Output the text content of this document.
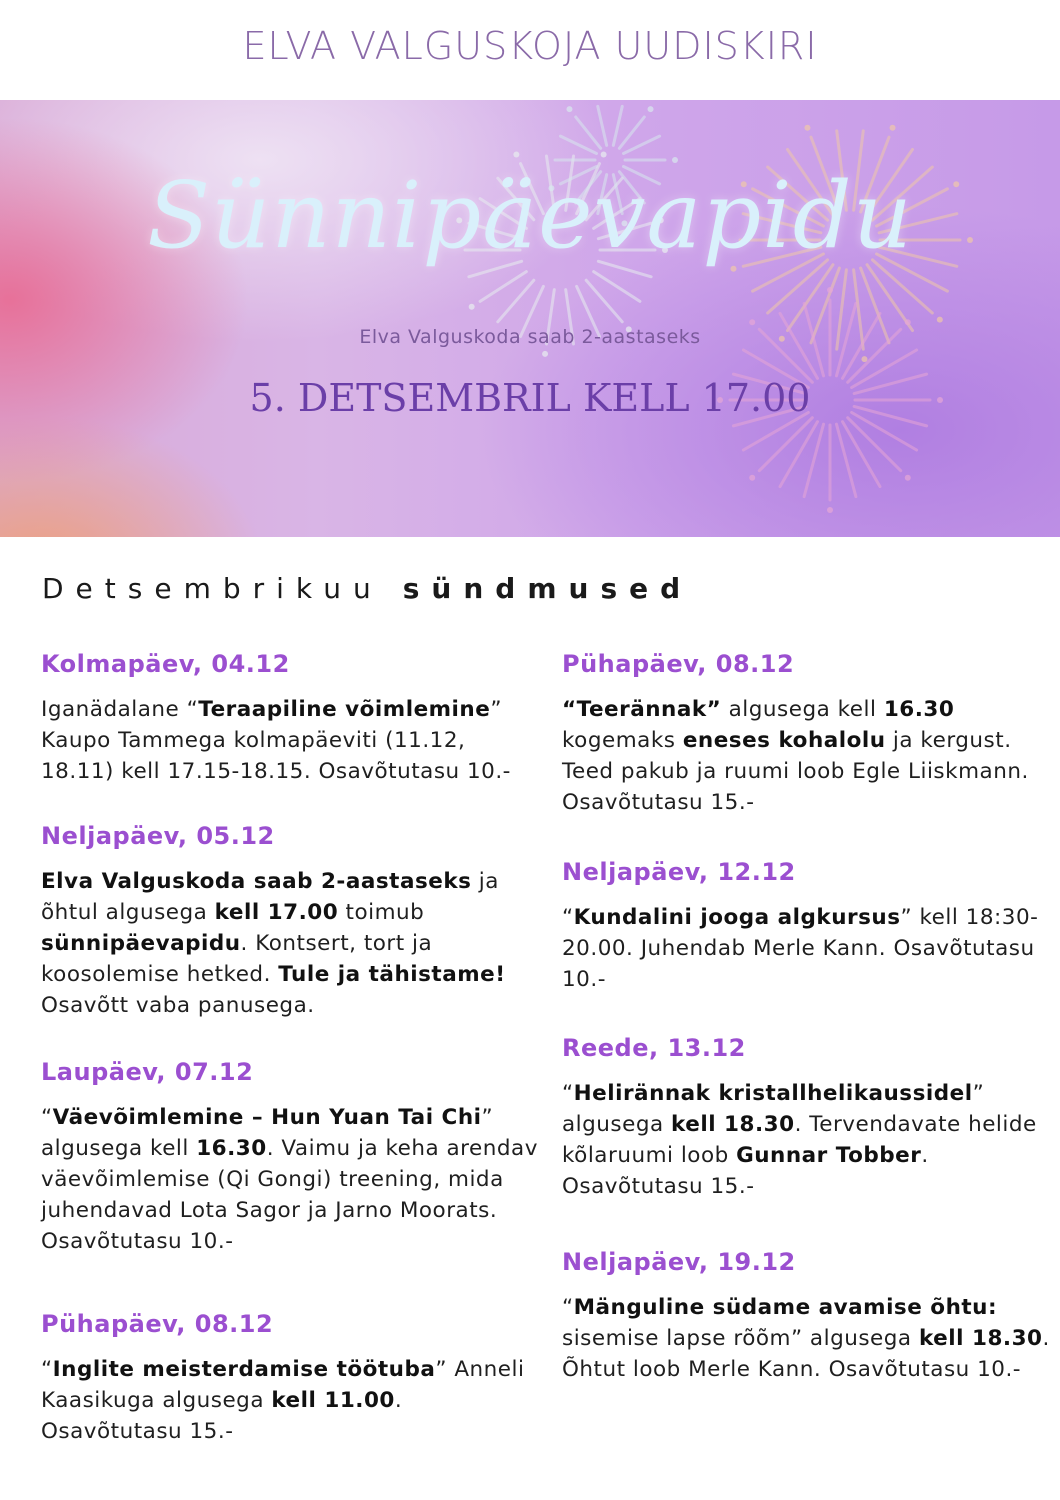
ELVA VALGUSKOJA UUDISKIRI
Sünnipäevapidu
Elva Valguskoda saab 2-aastaseks
5. DETSEMBRIL KELL 17.00
Detsembrikuu sündmused
Kolmapäev, 04.12
Iganädalane “Teraapiline võimlemine” Kaupo Tammega kolmapäeviti (11.12, 18.11) kell 17.15-18.15. Osavõtutasu 10.-
Neljapäev, 05.12
Elva Valguskoda saab 2-aastaseks ja õhtul algusega kell 17.00 toimub sünnipäevapidu. Kontsert, tort ja koosolemise hetked. Tule ja tähistame! Osavõtt vaba panusega.
Laupäev, 07.12
“Väevõimlemine – Hun Yuan Tai Chi” algusega kell 16.30. Vaimu ja keha arendav väevõimlemise (Qi Gongi) treening, mida juhendavad Lota Sagor ja Jarno Moorats. Osavõtutasu 10.-
Pühapäev, 08.12
“Inglite meisterdamise töötuba” Anneli Kaasikuga algusega kell 11.00. Osavõtutasu 15.-
Pühapäev, 08.12
“Teerännak” algusega kell 16.30 kogemaks eneses kohalolu ja kergust. Teed pakub ja ruumi loob Egle Liiskmann. Osavõtutasu 15.-
Neljapäev, 12.12
“Kundalini jooga algkursus” kell 18:30-20.00. Juhendab Merle Kann. Osavõtutasu 10.-
Reede, 13.12
“Helirännak kristallhelikaussidel” algusega kell 18.30. Tervendavate helide kõlaruumi loob Gunnar Tobber. Osavõtutasu 15.-
Neljapäev, 19.12
“Mänguline südame avamise õhtu: sisemise lapse rõõm” algusega kell 18.30. Õhtut loob Merle Kann. Osavõtutasu 10.-
